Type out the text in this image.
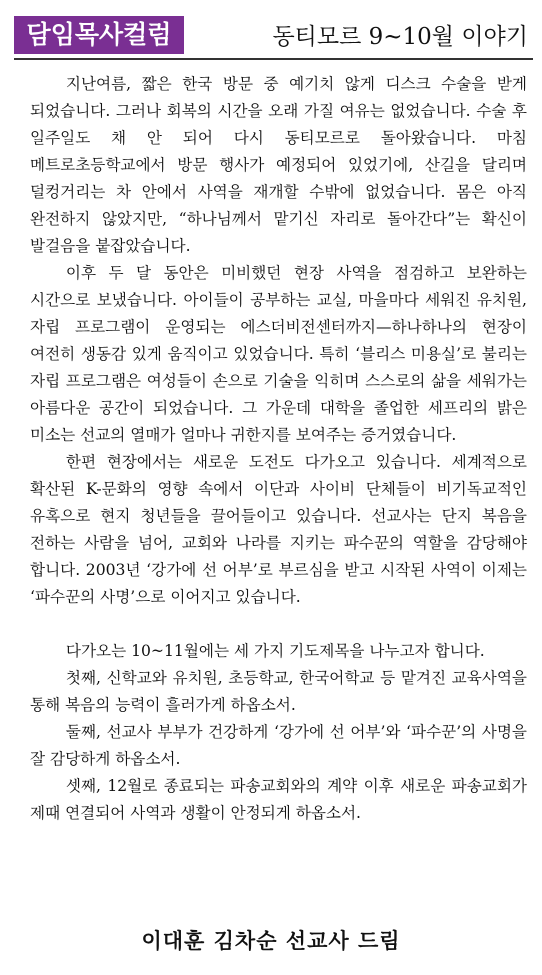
담임목사컬럼	동티모르 9~10월 이야기

지난여름, 짧은 한국 방문 중 예기치 않게 디스크 수술을 받게 되었습니다. 그러나 회복의 시간을 오래 가질 여유는 없었습니다. 수술 후 일주일도 채 안 되어 다시 동티모르로 돌아왔습니다. 마침 메트로초등학교에서 방문 행사가 예정되어 있었기에, 산길을 달리며 덜컹거리는 차 안에서 사역을 재개할 수밖에 없었습니다. 몸은 아직 완전하지 않았지만, “하나님께서 맡기신 자리로 돌아간다”는 확신이 발걸음을 붙잡았습니다.

이후 두 달 동안은 미비했던 현장 사역을 점검하고 보완하는 시간으로 보냈습니다. 아이들이 공부하는 교실, 마을마다 세워진 유치원, 자립 프로그램이 운영되는 에스더비전센터까지—하나하나의 현장이 여전히 생동감 있게 움직이고 있었습니다. 특히 ‘블리스 미용실’로 불리는 자립 프로그램은 여성들이 손으로 기술을 익히며 스스로의 삶을 세워가는 아름다운 공간이 되었습니다. 그 가운데 대학을 졸업한 세프리의 밝은 미소는 선교의 열매가 얼마나 귀한지를 보여주는 증거였습니다.

한편 현장에서는 새로운 도전도 다가오고 있습니다. 세계적으로 확산된 K-문화의 영향 속에서 이단과 사이비 단체들이 비기독교적인 유혹으로 현지 청년들을 끌어들이고 있습니다. 선교사는 단지 복음을 전하는 사람을 넘어, 교회와 나라를 지키는 파수꾼의 역할을 감당해야 합니다. 2003년 ‘강가에 선 어부’로 부르심을 받고 시작된 사역이 이제는 ‘파수꾼의 사명’으로 이어지고 있습니다.

다가오는 10~11월에는 세 가지 기도제목을 나누고자 합니다.

첫째, 신학교와 유치원, 초등학교, 한국어학교 등 맡겨진 교육사역을 통해 복음의 능력이 흘러가게 하옵소서.

둘째, 선교사 부부가 건강하게 ‘강가에 선 어부’와 ‘파수꾼’의 사명을 잘 감당하게 하옵소서.

셋째, 12월로 종료되는 파송교회와의 계약 이후 새로운 파송교회가 제때 연결되어 사역과 생활이 안정되게 하옵소서.

이대훈 김차순 선교사 드림
